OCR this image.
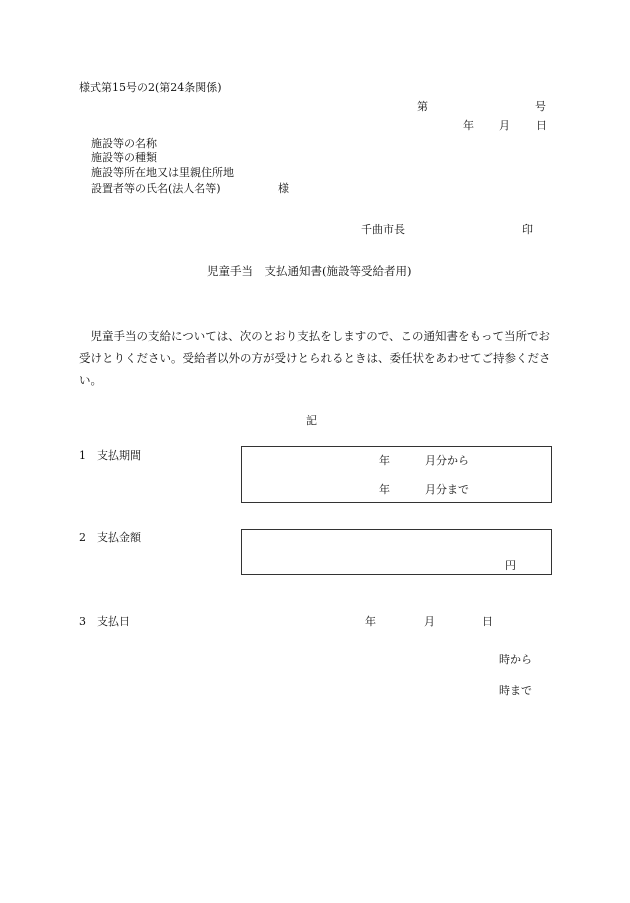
様式第15号の2(第24条関係)
第	号
年 月 日
施設等の名称
施設等の種類
施設等所在地又は里親住所地
設置者等の氏名(法人名等)	様
千曲市長	印
児童手当　支払通知書(施設等受給者用)
　児童手当の支給については、次のとおり支払をしますので、この通知書をもって当所でお受けとりください。受給者以外の方が受けとられるときは、委任状をあわせてご持参ください。
記
1　支払期間	年	月分から
年	月分まで
2　支払金額
円
3　支払日	年	月	日
時から
時まで
